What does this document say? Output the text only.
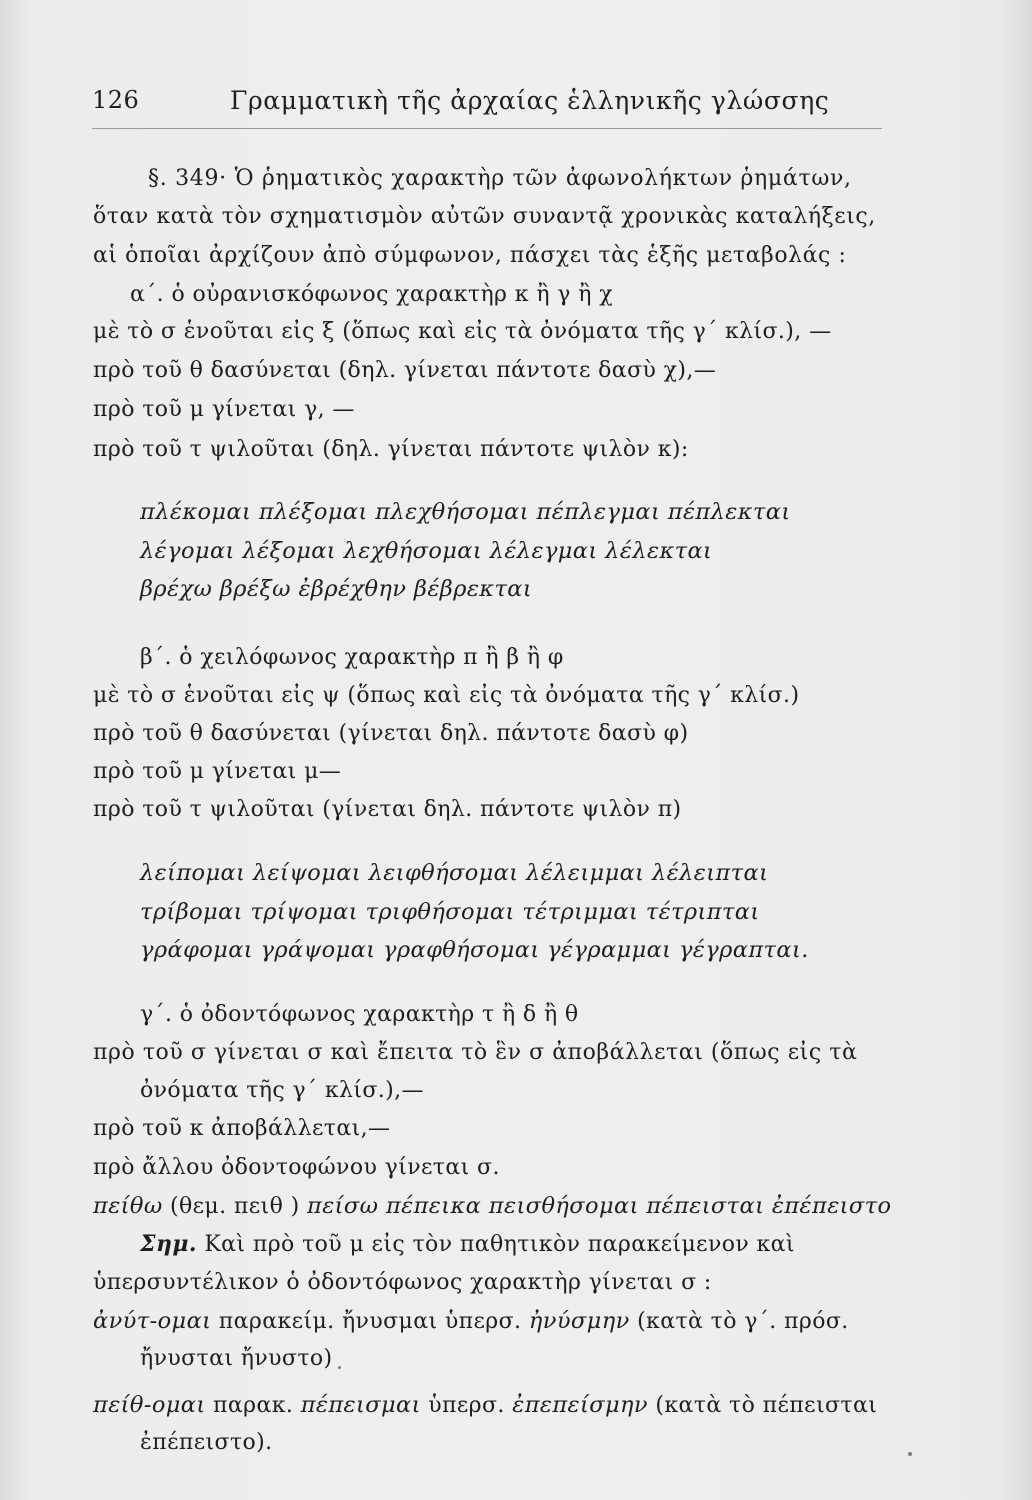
126	Γραμματικὴ τῆς ἀρχαίας ἑλληνικῆς γλώσσης
§. 349· Ὁ ῥηματικὸς χαρακτὴρ τῶν ἀφωνολήκτων ῥημάτων,
ὅταν κατὰ τὸν σχηματισμὸν αὐτῶν συναντᾷ χρονικὰς καταλήξεις,
αἱ ὁποῖαι ἀρχίζουν ἀπὸ σύμφωνον, πάσχει τὰς ἑξῆς μεταβολάς :
α΄. ὁ οὐρανισκόφωνος χαρακτὴρ κ ἢ γ ἢ χ
μὲ τὸ σ ἑνοῦται εἰς ξ (ὅπως καὶ εἰς τὰ ὀνόματα τῆς γ΄ κλίσ.), —
πρὸ τοῦ θ δασύνεται (δηλ. γίνεται πάντοτε δασὺ χ),—
πρὸ τοῦ μ γίνεται γ, —
πρὸ τοῦ τ ψιλοῦται (δηλ. γίνεται πάντοτε ψιλὸν κ):
πλέκομαι πλέξομαι πλεχθήσομαι πέπλεγμαι πέπλεκται
λέγομαι λέξομαι λεχθήσομαι λέλεγμαι λέλεκται
βρέχω βρέξω ἐβρέχθην βέβρεκται
β΄. ὁ χειλόφωνος χαρακτὴρ π ἢ β ἢ φ
μὲ τὸ σ ἑνοῦται εἰς ψ (ὅπως καὶ εἰς τὰ ὀνόματα τῆς γ΄ κλίσ.)
πρὸ τοῦ θ δασύνεται (γίνεται δηλ. πάντοτε δασὺ φ)
πρὸ τοῦ μ γίνεται μ—
πρὸ τοῦ τ ψιλοῦται (γίνεται δηλ. πάντοτε ψιλὸν π)
λείπομαι λείψομαι λειφθήσομαι λέλειμμαι λέλειπται
τρίβομαι τρίψομαι τριφθήσομαι τέτριμμαι τέτριπται
γράφομαι γράψομαι γραφθήσομαι γέγραμμαι γέγραπται.
γ΄. ὁ ὀδοντόφωνος χαρακτὴρ τ ἢ δ ἢ θ
πρὸ τοῦ σ γίνεται σ καὶ ἔπειτα τὸ ἓν σ ἀποβάλλεται (ὅπως εἰς τὰ
ὀνόματα τῆς γ΄ κλίσ.),—
πρὸ τοῦ κ ἀποβάλλεται,—
πρὸ ἄλλου ὀδοντοφώνου γίνεται σ.
πείθω (θεμ. πειθ ) πείσω πέπεικα πεισθήσομαι πέπεισται ἐπέπειστο
Σημ. Καὶ πρὸ τοῦ μ εἰς τὸν παθητικὸν παρακείμενον καὶ
ὑπερσυντέλικον ὁ ὀδοντόφωνος χαρακτὴρ γίνεται σ :
ἀνύτ-ομαι παρακείμ. ἤνυσμαι ὑπερσ. ἠνύσμην (κατὰ τὸ γ΄. πρόσ.
ἤνυσται ἤνυστο)
πείθ-ομαι παρακ. πέπεισμαι ὑπερσ. ἐπεπείσμην (κατὰ τὸ πέπεισται
ἐπέπειστο).
